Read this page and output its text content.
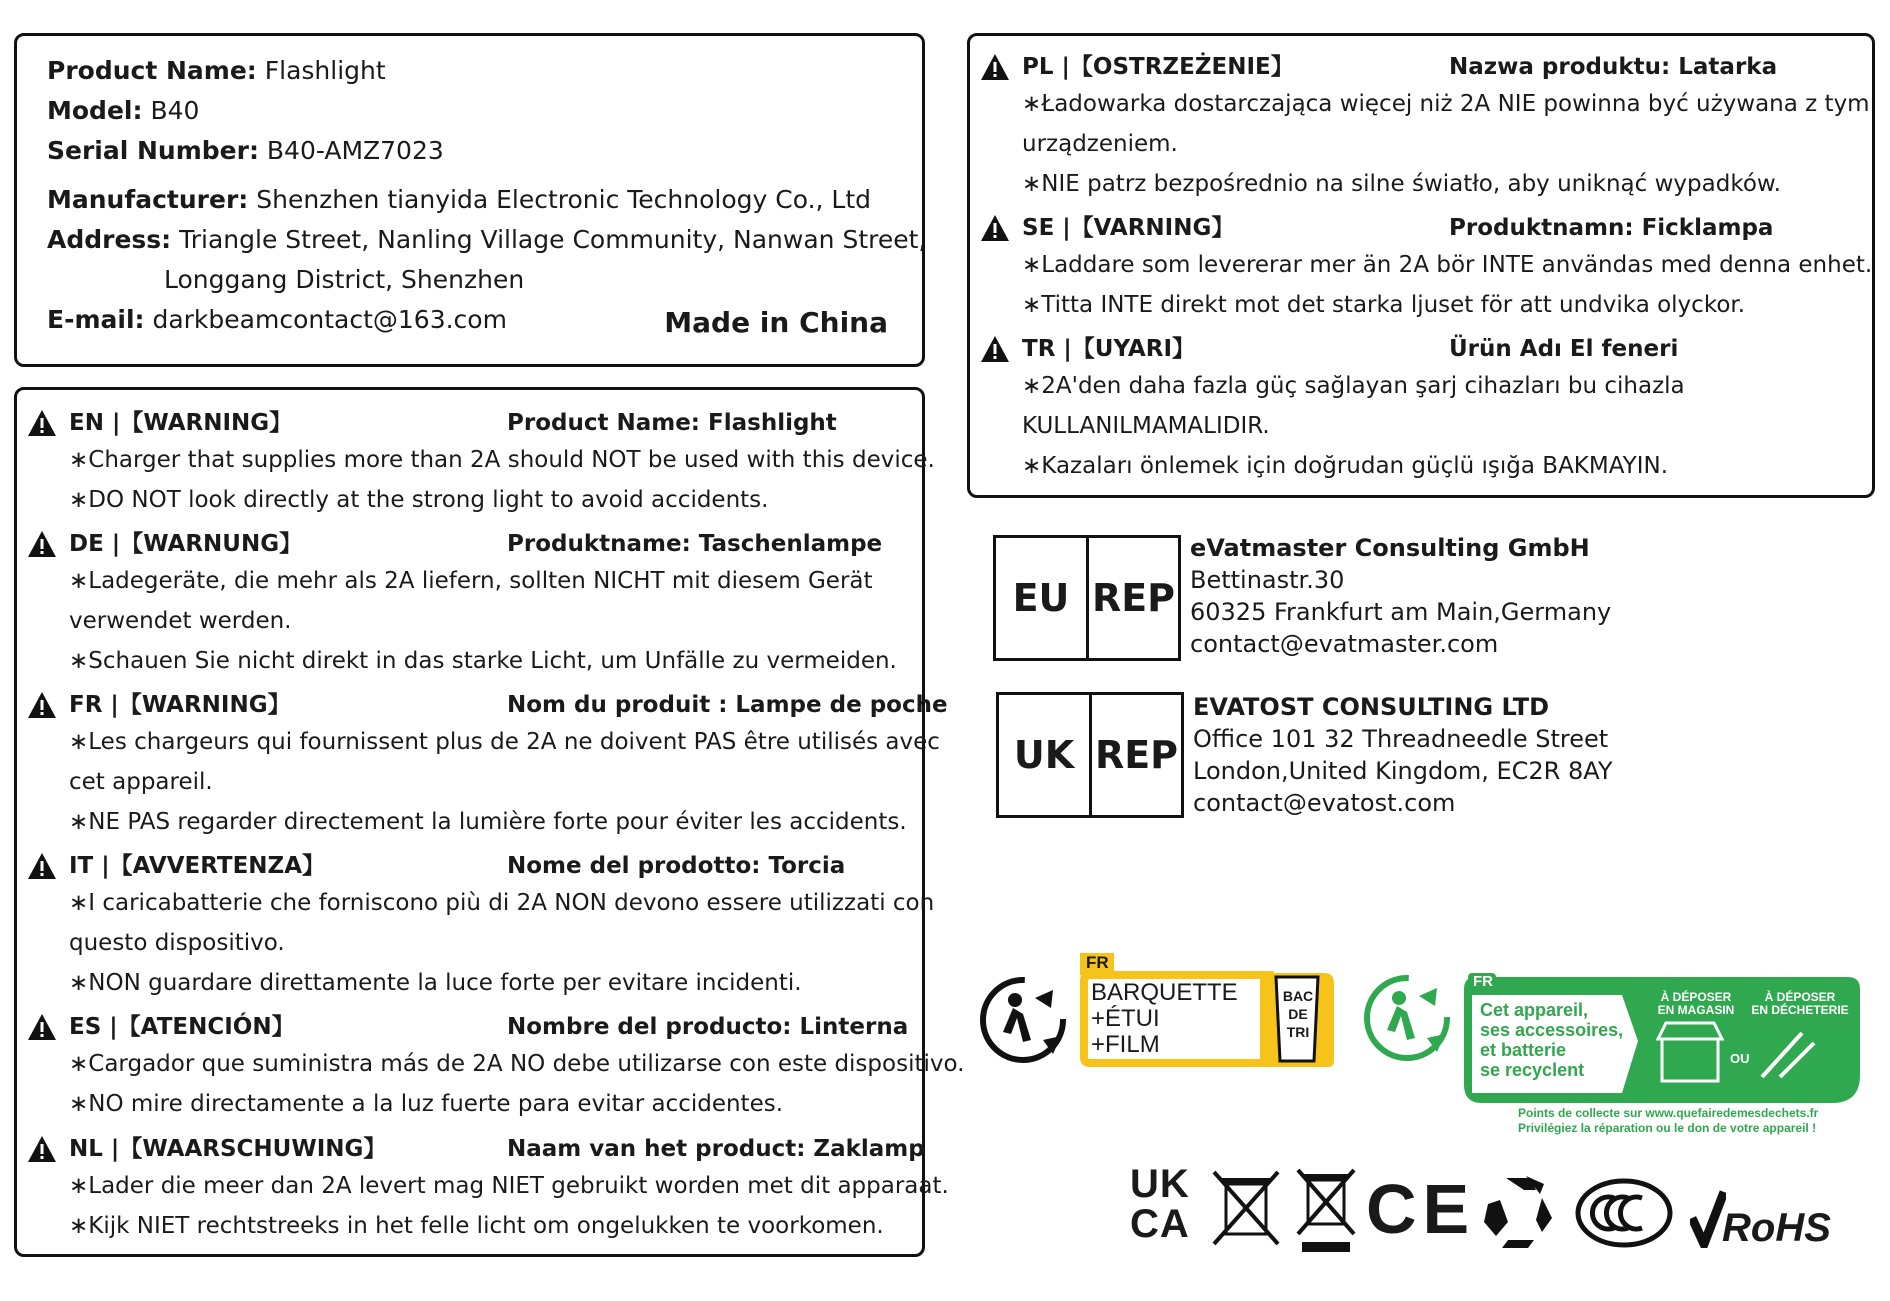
Product Name: Flashlight
Model: B40
Serial Number: B40-AMZ7023
Manufacturer: Shenzhen tianyida Electronic Technology Co., Ltd
Address: Triangle Street, Nanling Village Community, Nanwan Street,
Longgang District, Shenzhen
E-mail: darkbeamcontact@163.com	Made in China
EN |【WARNING】	Product Name: Flashlight
∗Charger that supplies more than 2A should NOT be used with this device.
∗DO NOT look directly at the strong light to avoid accidents.
DE |【WARNUNG】	Produktname: Taschenlampe
∗Ladegeräte, die mehr als 2A liefern, sollten NICHT mit diesem Gerät
verwendet werden.
∗Schauen Sie nicht direkt in das starke Licht, um Unfälle zu vermeiden.
FR |【WARNING】	Nom du produit : Lampe de poche
∗Les chargeurs qui fournissent plus de 2A ne doivent PAS être utilisés avec
cet appareil.
∗NE PAS regarder directement la lumière forte pour éviter les accidents.
IT |【AVVERTENZA】	Nome del prodotto: Torcia
∗I caricabatterie che forniscono più di 2A NON devono essere utilizzati con
questo dispositivo.
∗NON guardare direttamente la luce forte per evitare incidenti.
ES |【ATENCIÓN】	Nombre del producto: Linterna
∗Cargador que suministra más de 2A NO debe utilizarse con este dispositivo.
∗NO mire directamente a la luz fuerte para evitar accidentes.
NL |【WAARSCHUWING】	Naam van het product: Zaklamp
∗Lader die meer dan 2A levert mag NIET gebruikt worden met dit apparaat.
∗Kijk NIET rechtstreeks in het felle licht om ongelukken te voorkomen.
PL |【OSTRZEŻENIE】	Nazwa produktu: Latarka
∗Ładowarka dostarczająca więcej niż 2A NIE powinna być używana z tym
urządzeniem.
∗NIE patrz bezpośrednio na silne światło, aby uniknąć wypadków.
SE |【VARNING】	Produktnamn: Ficklampa
∗Laddare som levererar mer än 2A bör INTE användas med denna enhet.
∗Titta INTE direkt mot det starka ljuset för att undvika olyckor.
TR |【UYARI】	Ürün Adı El feneri
∗2A'den daha fazla güç sağlayan şarj cihazları bu cihazla
KULLANILMAMALIDIR.
∗Kazaları önlemek için doğrudan güçlü ışığa BAKMAYIN.
EU REP
eVatmaster Consulting GmbH
Bettinastr.30
60325 Frankfurt am Main,Germany
contact@evatmaster.com
UK REP
EVATOST CONSULTING LTD
Office 101 32 Threadneedle Street
London,United Kingdom, EC2R 8AY
contact@evatost.com
FR
BARQUETTE
+ÉTUI
+FILM
BAC
DE
TRI
FR
Cet appareil,
ses accessoires,
et batterie
se recyclent
À DÉPOSER
EN MAGASIN
À DÉPOSER
EN DÉCHETERIE
OU
Points de collecte sur www.quefairedemesdechets.fr
Privilégiez la réparation ou le don de votre appareil !
UK
CA	CE	RoHS
